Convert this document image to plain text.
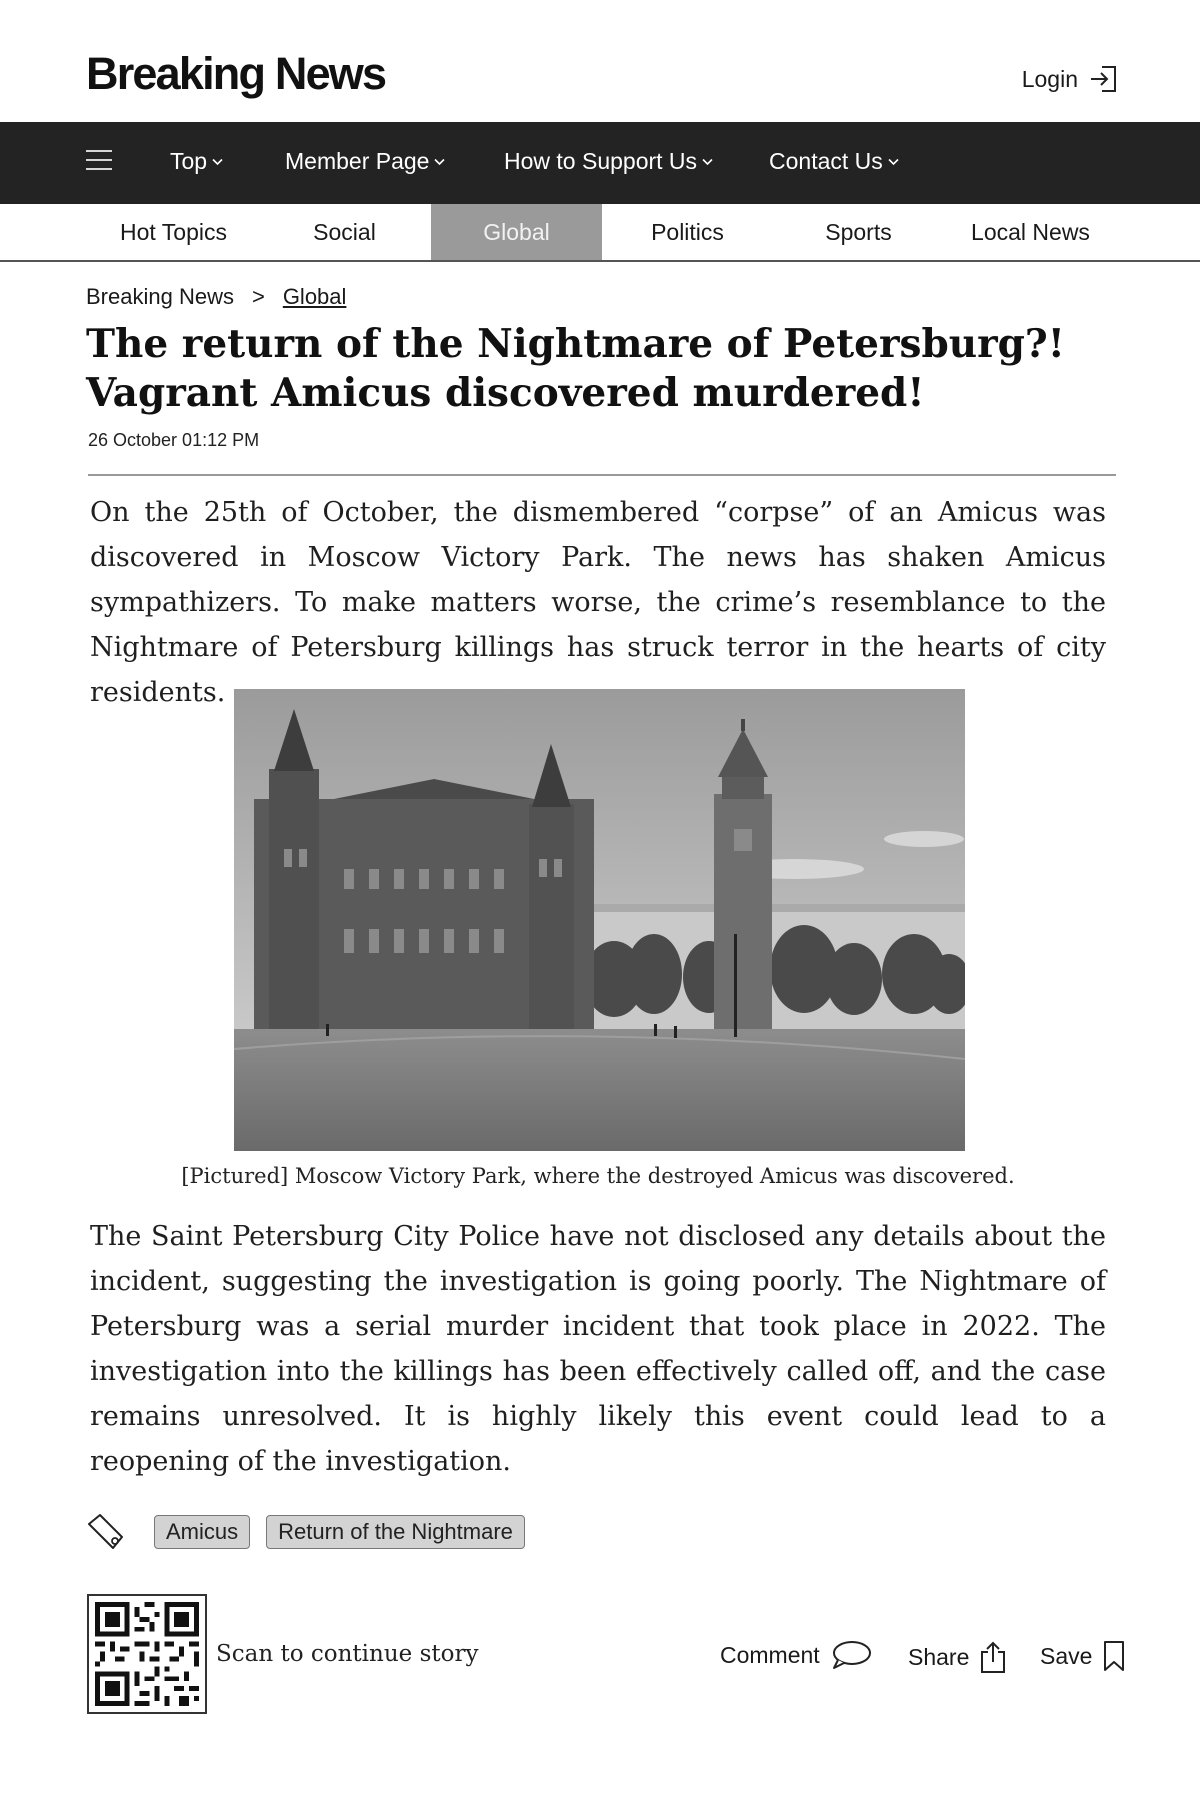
Breaking News	Login
Top	Member Page	How to Support Us	Contact Us
Hot Topics	Social	Global	Politics	Sports	Local News
Breaking News > Global
The return of the Nightmare of Petersburg?!
Vagrant Amicus discovered murdered!
26 October 01:12 PM

On the 25th of October, the dismembered “corpse” of an Amicus was discovered in Moscow Victory Park. The news has shaken Amicus sympathizers. To make matters worse, the crime’s resemblance to the Nightmare of Petersburg killings has struck terror in the hearts of city residents.

[Pictured] Moscow Victory Park, where the destroyed Amicus was discovered.

The Saint Petersburg City Police have not disclosed any details about the incident, suggesting the investigation is going poorly. The Nightmare of Petersburg was a serial murder incident that took place in 2022. The investigation into the killings has been effectively called off, and the case remains unresolved. It is highly likely this event could lead to a reopening of the investigation.

Amicus	Return of the Nightmare
Scan to continue story	Comment	Share	Save
